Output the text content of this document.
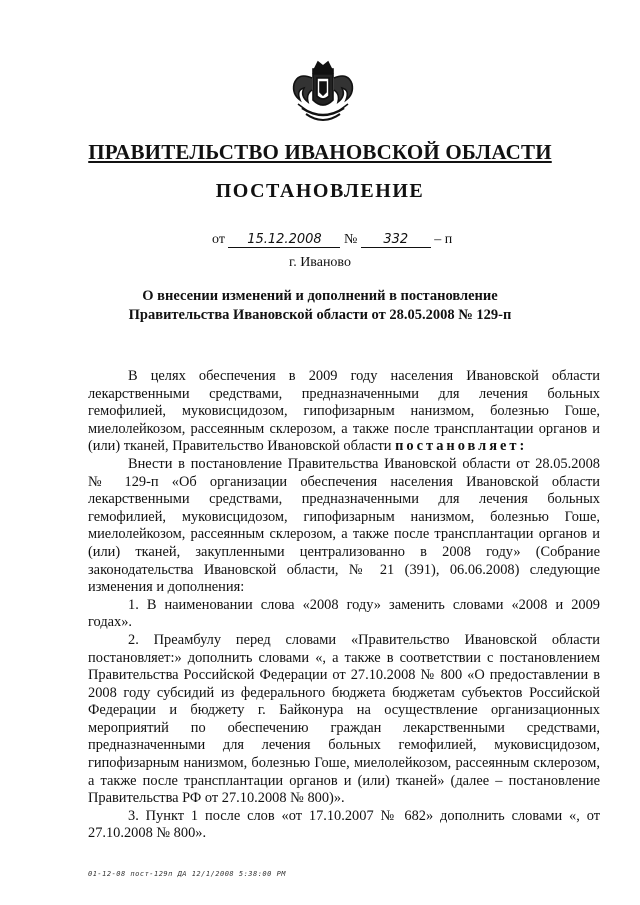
ПРАВИТЕЛЬСТВО ИВАНОВСКОЙ ОБЛАСТИ
ПОСТАНОВЛЕНИЕ
от 15.12.2008 № 332 – п
г. Иваново
О внесении изменений и дополнений в постановление
Правительства Ивановской области от 28.05.2008 № 129-п

В целях обеспечения в 2009 году населения Ивановской области лекарственными средствами, предназначенными для лечения больных гемофилией, муковисцидозом, гипофизарным нанизмом, болезнью Гоше, миелолейкозом, рассеянным склерозом, а также после трансплантации органов и (или) тканей, Правительство Ивановской области постановляет:

Внести в постановление Правительства Ивановской области от 28.05.2008 № 129-п «Об организации обеспечения населения Ивановской области лекарственными средствами, предназначенными для лечения больных гемофилией, муковисцидозом, гипофизарным нанизмом, болезнью Гоше, миелолейкозом, рассеянным склерозом, а также после трансплантации органов и (или) тканей, закупленными централизованно в 2008 году» (Собрание законодательства Ивановской области, № 21 (391), 06.06.2008) следующие изменения и дополнения:

1. В наименовании слова «2008 году» заменить словами «2008 и 2009 годах».

2. Преамбулу перед словами «Правительство Ивановской области постановляет:» дополнить словами «, а также в соответствии с постановлением Правительства Российской Федерации от 27.10.2008 № 800 «О предоставлении в 2008 году субсидий из федерального бюджета бюджетам субъектов Российской Федерации и бюджету г. Байконура на осуществление организационных мероприятий по обеспечению граждан лекарственными средствами, предназначенными для лечения больных гемофилией, муковисцидозом, гипофизарным нанизмом, болезнью Гоше, миелолейкозом, рассеянным склерозом, а также после трансплантации органов и (или) тканей» (далее – постановление Правительства РФ от 27.10.2008 № 800)».

3. Пункт 1 после слов «от 17.10.2007 № 682» дополнить словами «, от 27.10.2008 № 800».

01-12-08 пост-129п ДА 12/1/2008 5:38:00 PM
